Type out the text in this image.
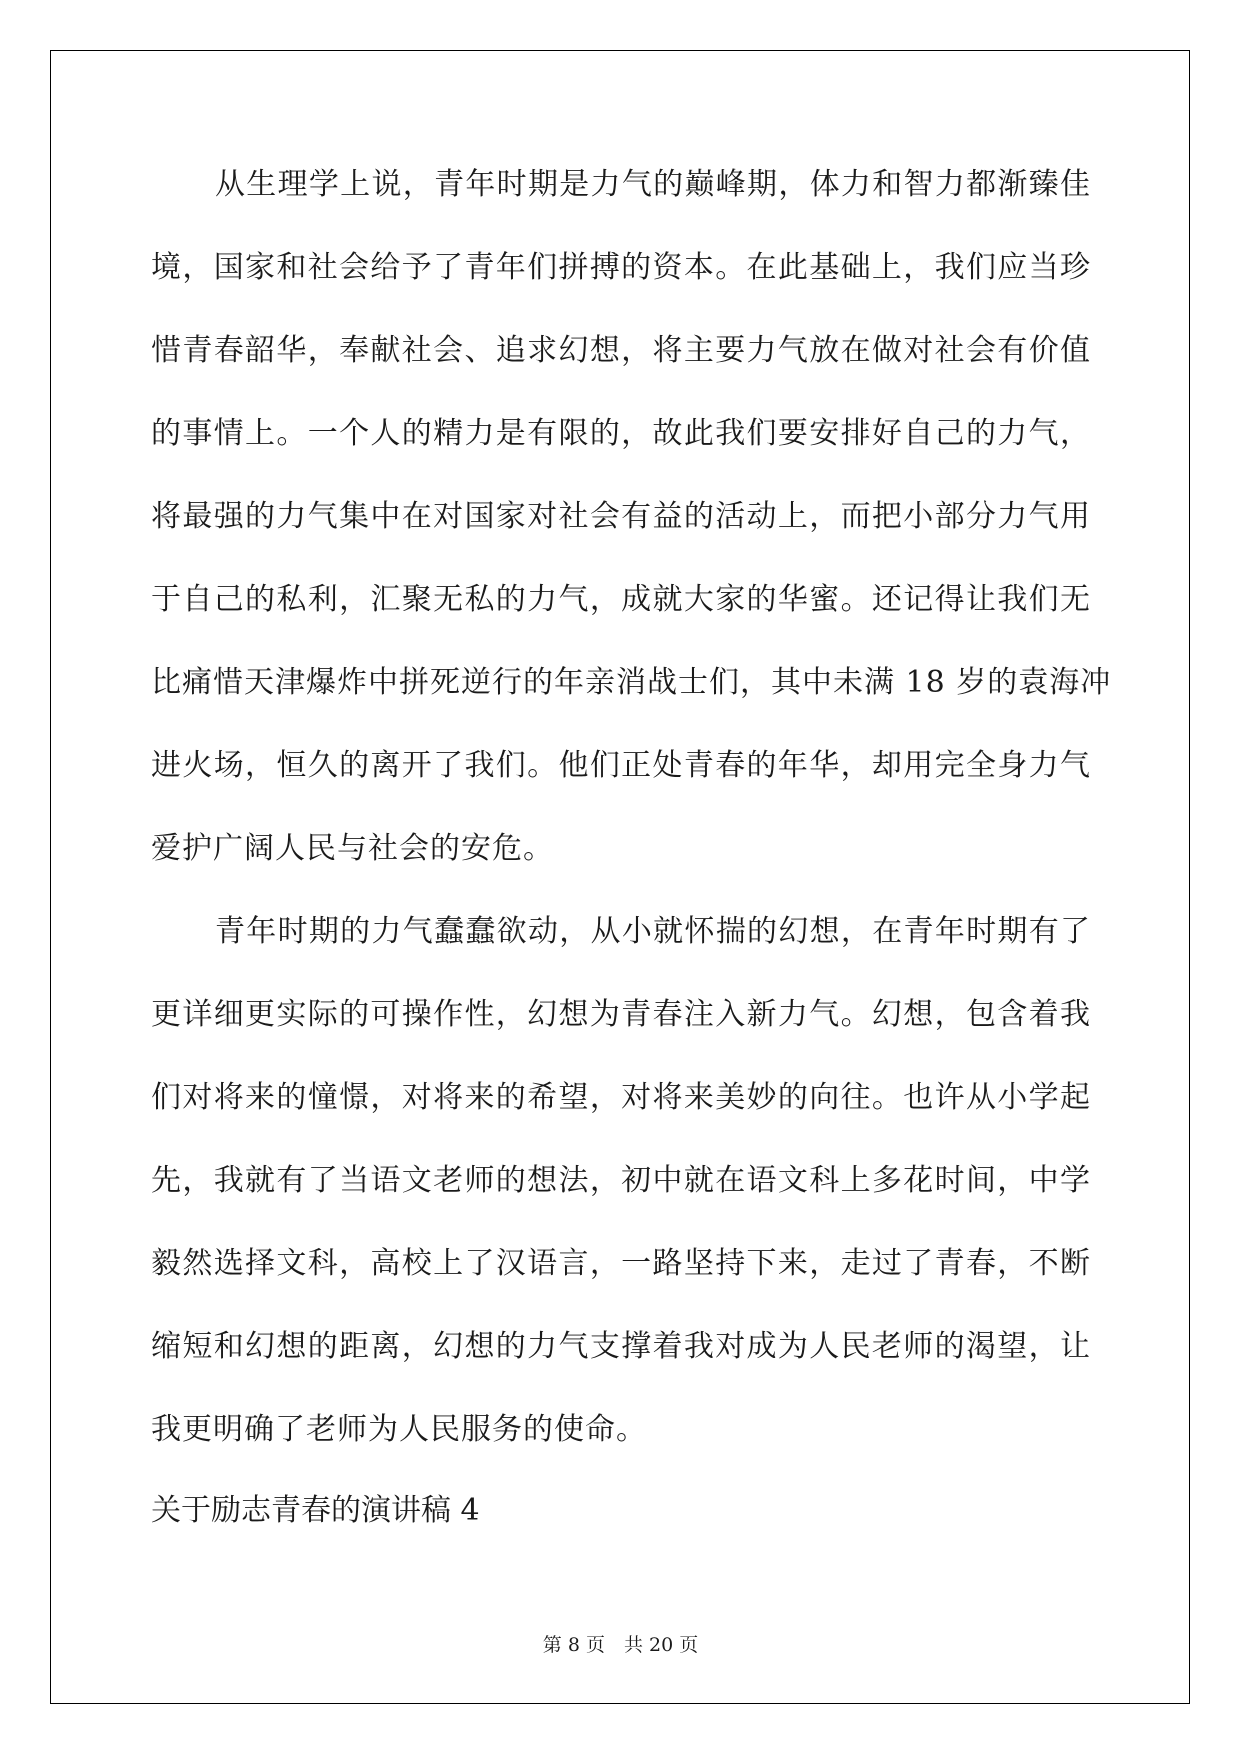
从生理学上说，青年时期是力气的巅峰期，体力和智力都渐臻佳
境，国家和社会给予了青年们拼搏的资本。在此基础上，我们应当珍
惜青春韶华，奉献社会、追求幻想，将主要力气放在做对社会有价值
的事情上。一个人的精力是有限的，故此我们要安排好自己的力气，
将最强的力气集中在对国家对社会有益的活动上，而把小部分力气用
于自己的私利，汇聚无私的力气，成就大家的华蜜。还记得让我们无
比痛惜天津爆炸中拼死逆行的年亲消战士们，其中未满 18 岁的袁海冲
进火场，恒久的离开了我们。他们正处青春的年华，却用完全身力气
爱护广阔人民与社会的安危。
青年时期的力气蠢蠢欲动，从小就怀揣的幻想，在青年时期有了
更详细更实际的可操作性，幻想为青春注入新力气。幻想，包含着我
们对将来的憧憬，对将来的希望，对将来美妙的向往。也许从小学起
先，我就有了当语文老师的想法，初中就在语文科上多花时间，中学
毅然选择文科，高校上了汉语言，一路坚持下来，走过了青春，不断
缩短和幻想的距离，幻想的力气支撑着我对成为人民老师的渴望，让
我更明确了老师为人民服务的使命。
关于励志青春的演讲稿 4
第 8 页　共 20 页
